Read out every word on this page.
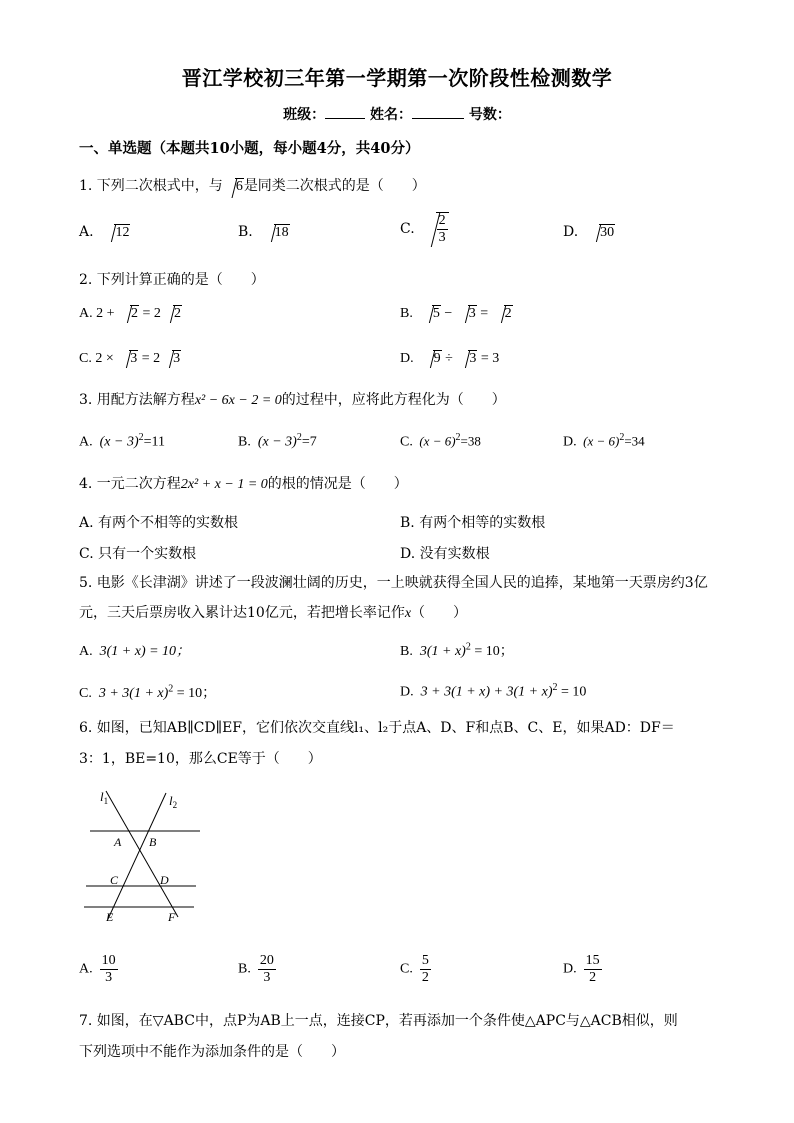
晋江学校初三年第一学期第一次阶段性检测数学
班级：	姓名：	号数：
一、单选题（本题共10小题，每小题4分，共40分）
1. 下列二次根式中，与 6是同类二次根式的是（　　）
A. 12	B. 18	C. $\frac{2}{3}$	D. 30
2. 下列计算正确的是（　　）
A. 2 + 2 = 2 2	B. 5 − 3 = 2
C. 2 × 3 = 2 3	D. 9 ÷ 3 = 3
3. 用配方法解方程x² − 6x − 2 = 0的过程中，应将此方程化为（　　）
A. $(x - 3)^2=11$	B. $(x - 3)^2=7$	C. $(x - 6)^2=38$	D. $(x - 6)^2=34$
4. 一元二次方程2x² + x − 1 = 0的根的情况是（　　）
A. 有两个不相等的实数根	B. 有两个相等的实数根
C. 只有一个实数根	D. 没有实数根
5. 电影《长津湖》讲述了一段波澜壮阔的历史，一上映就获得全国人民的追捧，某地第一天票房约3亿
元，三天后票房收入累计达10亿元，若把增长率记作x（　　）
A. 3(1 + x) = 10；	B. $3(1 + x)^2 = 10$；
C. $3 + 3(1 + x)^2 = 10$；	D. $3 + 3(1 + x) + 3(1 + x)^2 = 10$
6. 如图，已知AB∥CD∥EF，它们依次交直线l₁、l₂于点A、D、F和点B、C、E，如果AD：DF＝
3：1，BE=10，那么CE等于（　　）
$l_1$	$l_2$
A B
C	D
E	F
A. $\frac{10}{3}$	B. $\frac{20}{3}$	C. $\frac{5}{2}$	D. $\frac{15}{2}$
7. 如图，在▽ABC中，点P为AB上一点，连接CP，若再添加一个条件使△APC与△ACB相似，则
下列选项中不能作为添加条件的是（　　）
